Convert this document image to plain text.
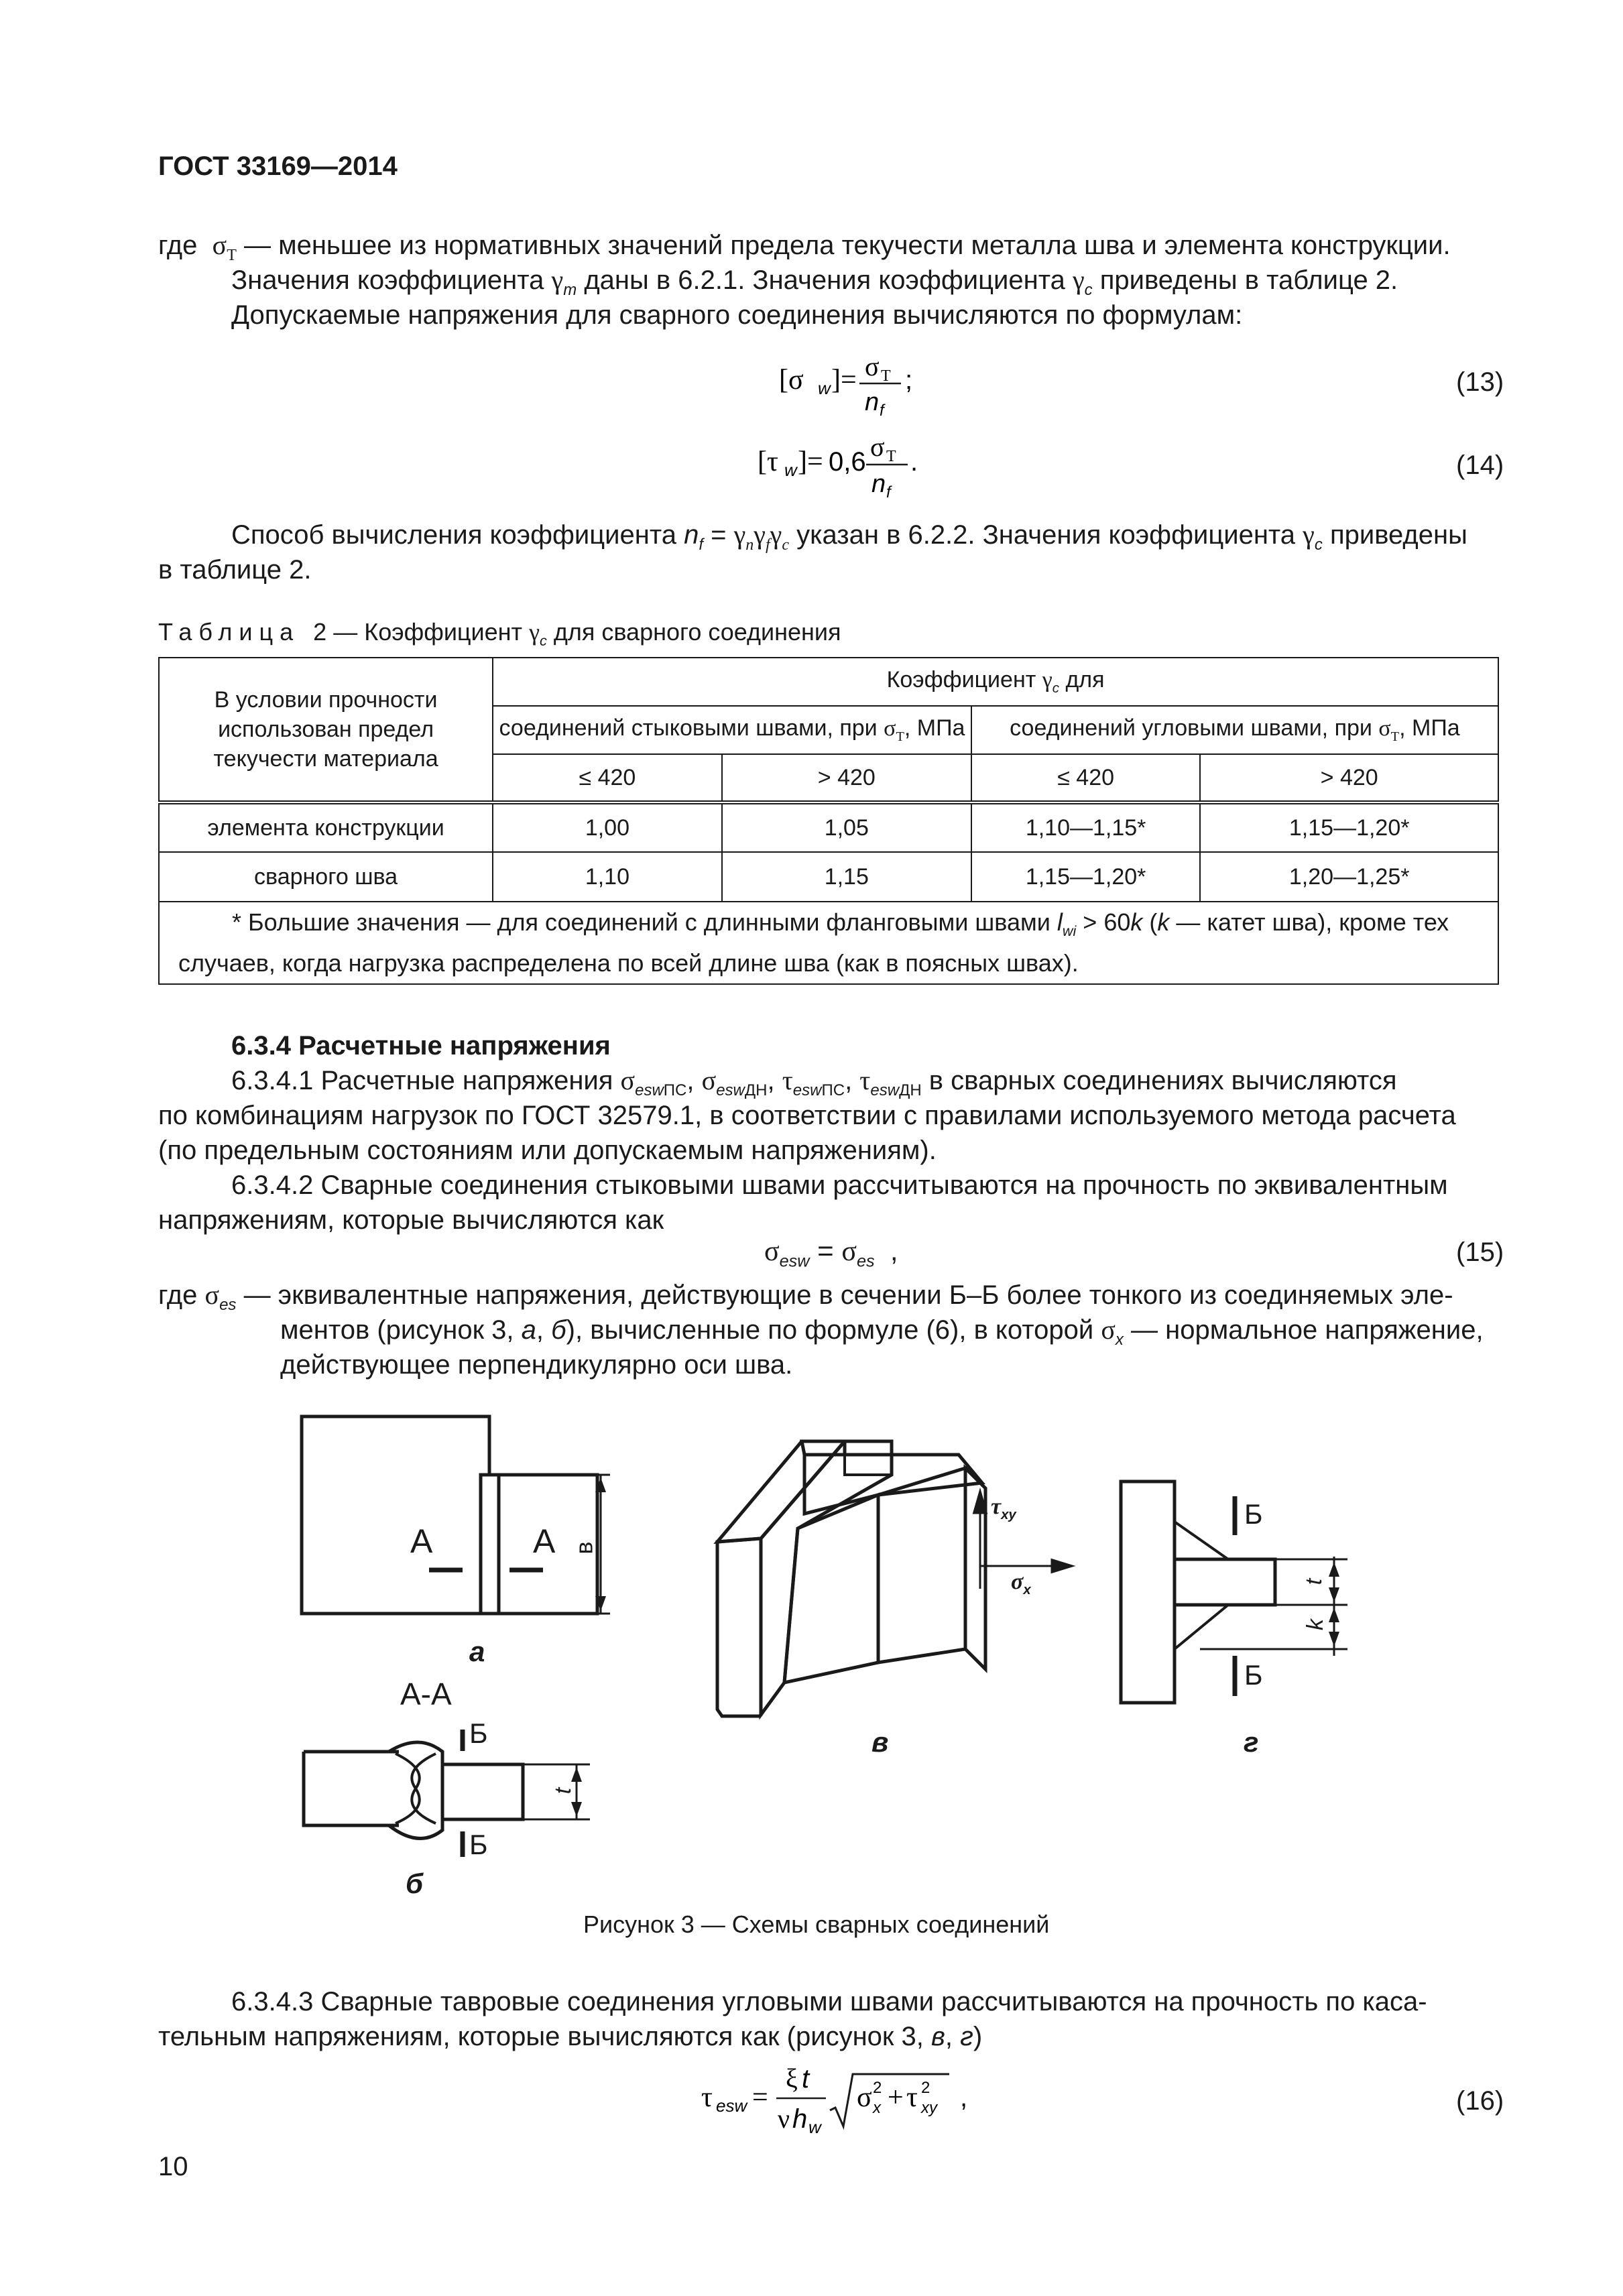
ГОСТ 33169—2014
где $\sigma_Т$ — меньшее из нормативных значений предела текучести металла шва и элемента конструкции.
Значения коэффициента $\gamma_m$ даны в 6.2.1. Значения коэффициента $\gamma_c$ приведены в таблице 2.
Допускаемые напряжения для сварного соединения вычисляются по формулам:
[σ w ]= σ Т
n f
;	(13)
[τ w ]= 0,6 σ Т
n f
.	(14)
Способ вычисления коэффициента $n_f = \gamma_n\gamma_f\gamma_c$ указан в 6.2.2. Значения коэффициента $\gamma_c$ приведены
в таблице 2.
Таблица 2 — Коэффициент $\gamma_c$ для сварного соединения
В условии прочности использован предел текучести материала	Коэффициент $\gamma_c$ для			
	соединений стыковыми швами, при $\sigma_Т$, МПа		соединений угловыми швами, при $\sigma_Т$, МПа	
	≤ 420	> 420	≤ 420	> 420
элемента конструкции	1,00	1,05	1,10—1,15*	1,15—1,20*
сварного шва	1,10	1,15	1,15—1,20*	1,20—1,25*

* Большие значения — для соединений с длинными фланговыми швами $l_{wi} > 60k$ (k — катет шва), кроме тех
случаев, когда нагрузка распределена по всей длине шва (как в поясных швах).				
6.3.4 Расчетные напряжения
6.3.4.1 Расчетные напряжения $\sigma_{eswПС}$, $\sigma_{eswДН}$, $\tau_{eswПС}$, $\tau_{eswДН}$ в сварных соединениях вычисляются
по комбинациям нагрузок по ГОСТ 32579.1, в соответствии с правилами используемого метода расчета
(по предельным состояниям или допускаемым напряжениям).
6.3.4.2 Сварные соединения стыковыми швами рассчитываются на прочность по эквивалентным
напряжениям, которые вычисляются как
$\sigma_{esw} = \sigma_{es}$  ,	(15)
где $\sigma_{es}$ — эквивалентные напряжения, действующие в сечении Б–Б более тонкого из соединяемых эле-
ментов (рисунок 3, а, б), вычисленные по формуле (6), в которой $\sigma_x$ — нормальное напряжение,
действующее перпендикулярно оси шва.
А	А в
а
А-А
Б
Б
t
б
$\tau_{xy}$
$\sigma_x$
в
Б
Б
t
k
г
Рисунок 3 — Схемы сварных соединений
6.3.4.3 Сварные тавровые соединения угловыми швами рассчитываются на прочность по каса-
тельным напряжениям, которые вычисляются как (рисунок 3, в, г)
τ esw =
ξ t
ν h w
σ 2
x + τ 2
xy ,	(16)
10
